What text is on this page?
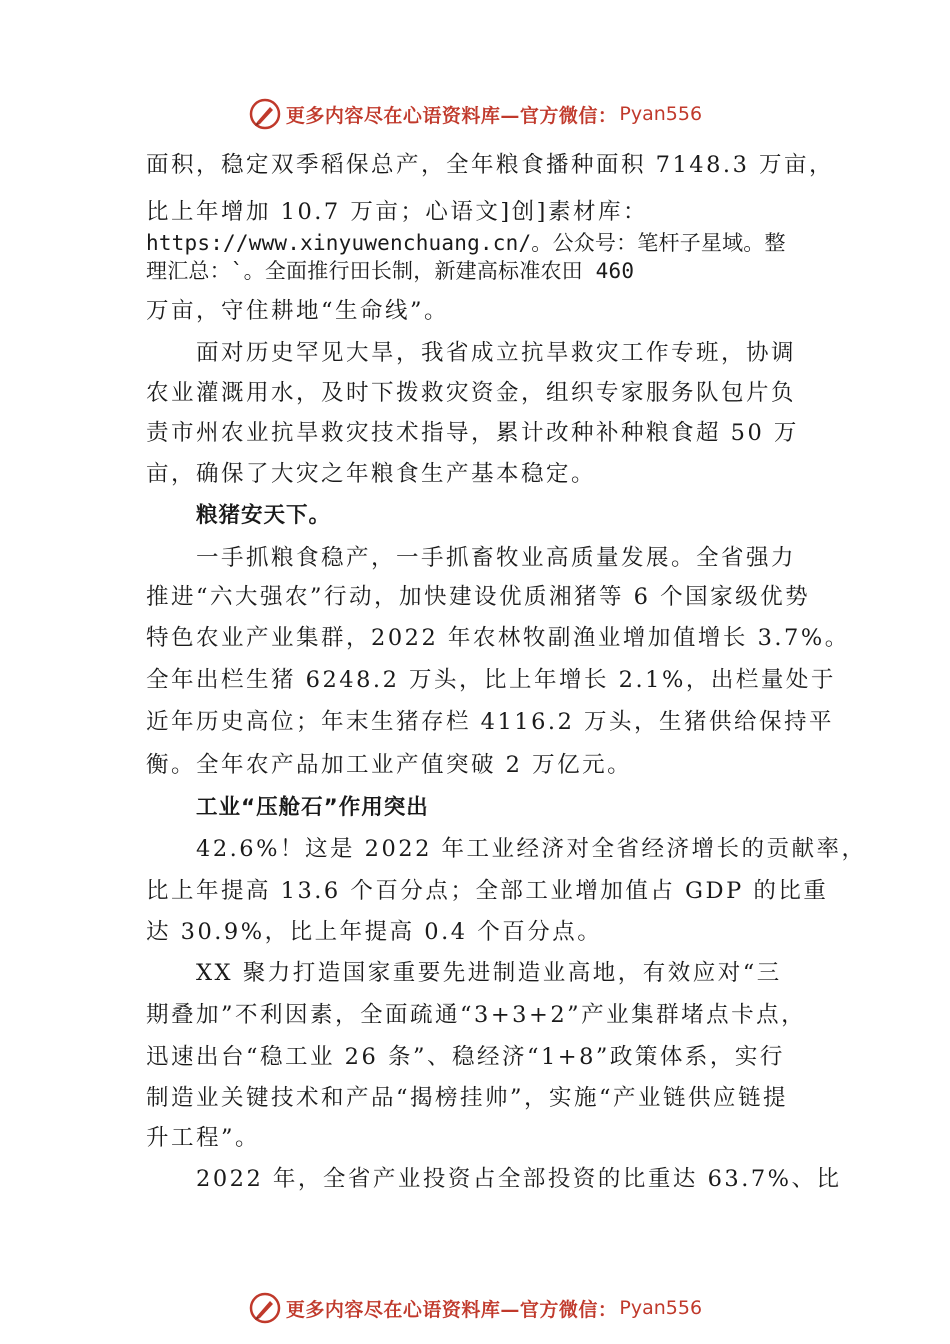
更多内容尽在心语资料库—官方微信： Pyan556
面积，稳定双季稻保总产，全年粮食播种面积 7148.3 万亩，
比上年增加 10.7 万亩；心语文]创]素材库：
https://www.xinyuwenchuang.cn/。公众号：笔杆子星域。整
理汇总：`。全面推行田长制，新建高标准农田 460
万亩，守住耕地“生命线”。
面对历史罕见大旱，我省成立抗旱救灾工作专班，协调
农业灌溉用水，及时下拨救灾资金，组织专家服务队包片负
责市州农业抗旱救灾技术指导，累计改种补种粮食超 50 万
亩，确保了大灾之年粮食生产基本稳定。
粮猪安天下。
一手抓粮食稳产，一手抓畜牧业高质量发展。全省强力
推进“六大强农”行动，加快建设优质湘猪等 6 个国家级优势
特色农业产业集群，2022 年农林牧副渔业增加值增长 3.7%。
全年出栏生猪 6248.2 万头，比上年增长 2.1%，出栏量处于
近年历史高位；年末生猪存栏 4116.2 万头，生猪供给保持平
衡。全年农产品加工业产值突破 2 万亿元。
工业“压舱石”作用突出
42.6%！这是 2022 年工业经济对全省经济增长的贡献率，
比上年提高 13.6 个百分点；全部工业增加值占 GDP 的比重
达 30.9%，比上年提高 0.4 个百分点。
XX 聚力打造国家重要先进制造业高地，有效应对“三
期叠加”不利因素，全面疏通“3+3+2”产业集群堵点卡点，
迅速出台“稳工业 26 条”、稳经济“1+8”政策体系，实行
制造业关键技术和产品“揭榜挂帅”，实施“产业链供应链提
升工程”。
2022 年，全省产业投资占全部投资的比重达 63.7%、比
更多内容尽在心语资料库—官方微信： Pyan556
